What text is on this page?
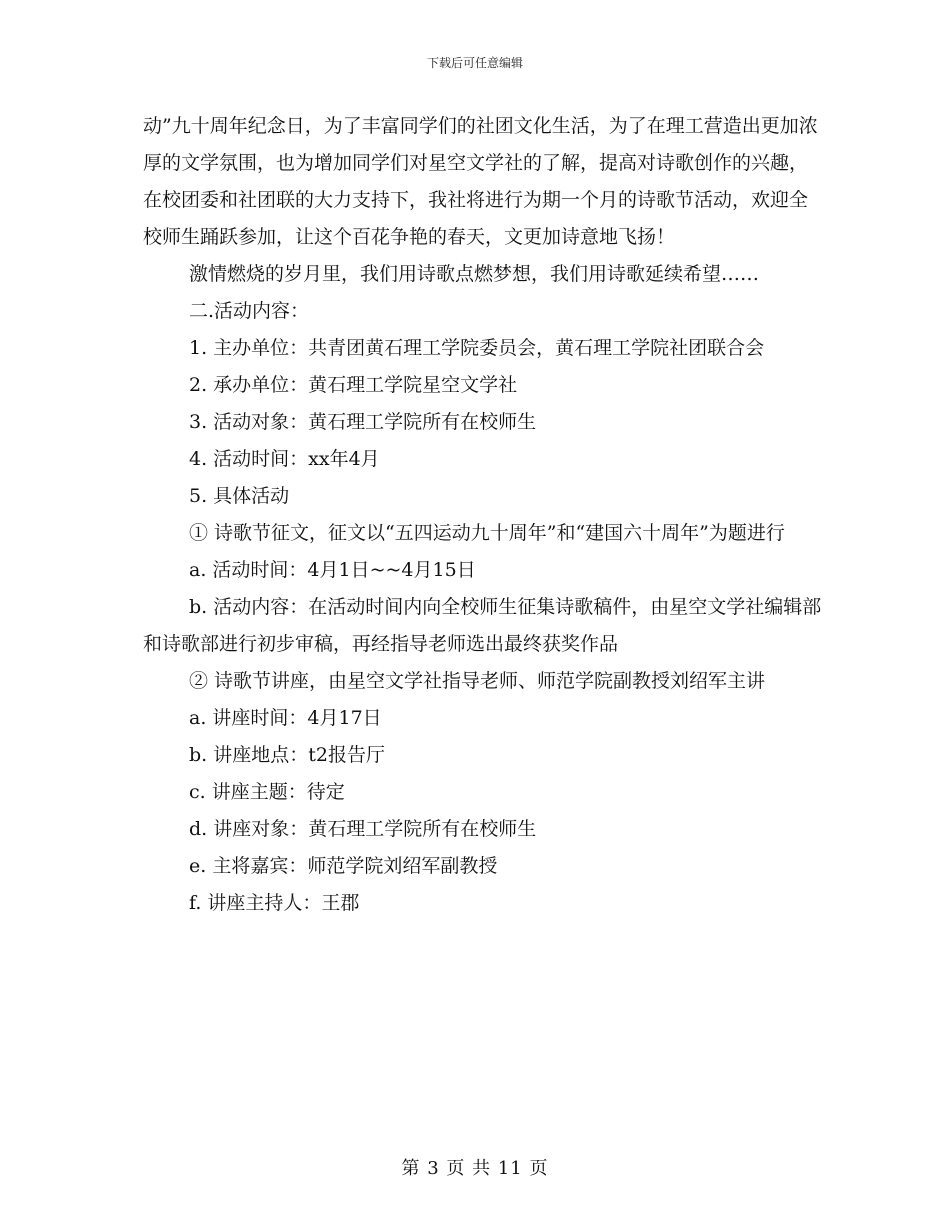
下载后可任意编辑

动”九十周年纪念日，为了丰富同学们的社团文化生活，为了在理工营造出更加浓厚的文学氛围，也为增加同学们对星空文学社的了解，提高对诗歌创作的兴趣，在校团委和社团联的大力支持下，我社将进行为期一个月的诗歌节活动，欢迎全校师生踊跃参加，让这个百花争艳的春天，文更加诗意地飞扬！

激情燃烧的岁月里，我们用诗歌点燃梦想，我们用诗歌延续希望……

二.活动内容：

1. 主办单位：共青团黄石理工学院委员会，黄石理工学院社团联合会

2. 承办单位：黄石理工学院星空文学社

3. 活动对象：黄石理工学院所有在校师生

4. 活动时间：xx年4月

5. 具体活动

① 诗歌节征文，征文以“五四运动九十周年”和“建国六十周年”为题进行

a. 活动时间：4月1日~~4月15日

b. 活动内容：在活动时间内向全校师生征集诗歌稿件，由星空文学社编辑部和诗歌部进行初步审稿，再经指导老师选出最终获奖作品

② 诗歌节讲座，由星空文学社指导老师、师范学院副教授刘绍军主讲

a. 讲座时间：4月17日

b. 讲座地点：t2报告厅

c. 讲座主题：待定

d. 讲座对象：黄石理工学院所有在校师生

e. 主将嘉宾：师范学院刘绍军副教授

f. 讲座主持人：王郡

第 3 页 共 11 页
